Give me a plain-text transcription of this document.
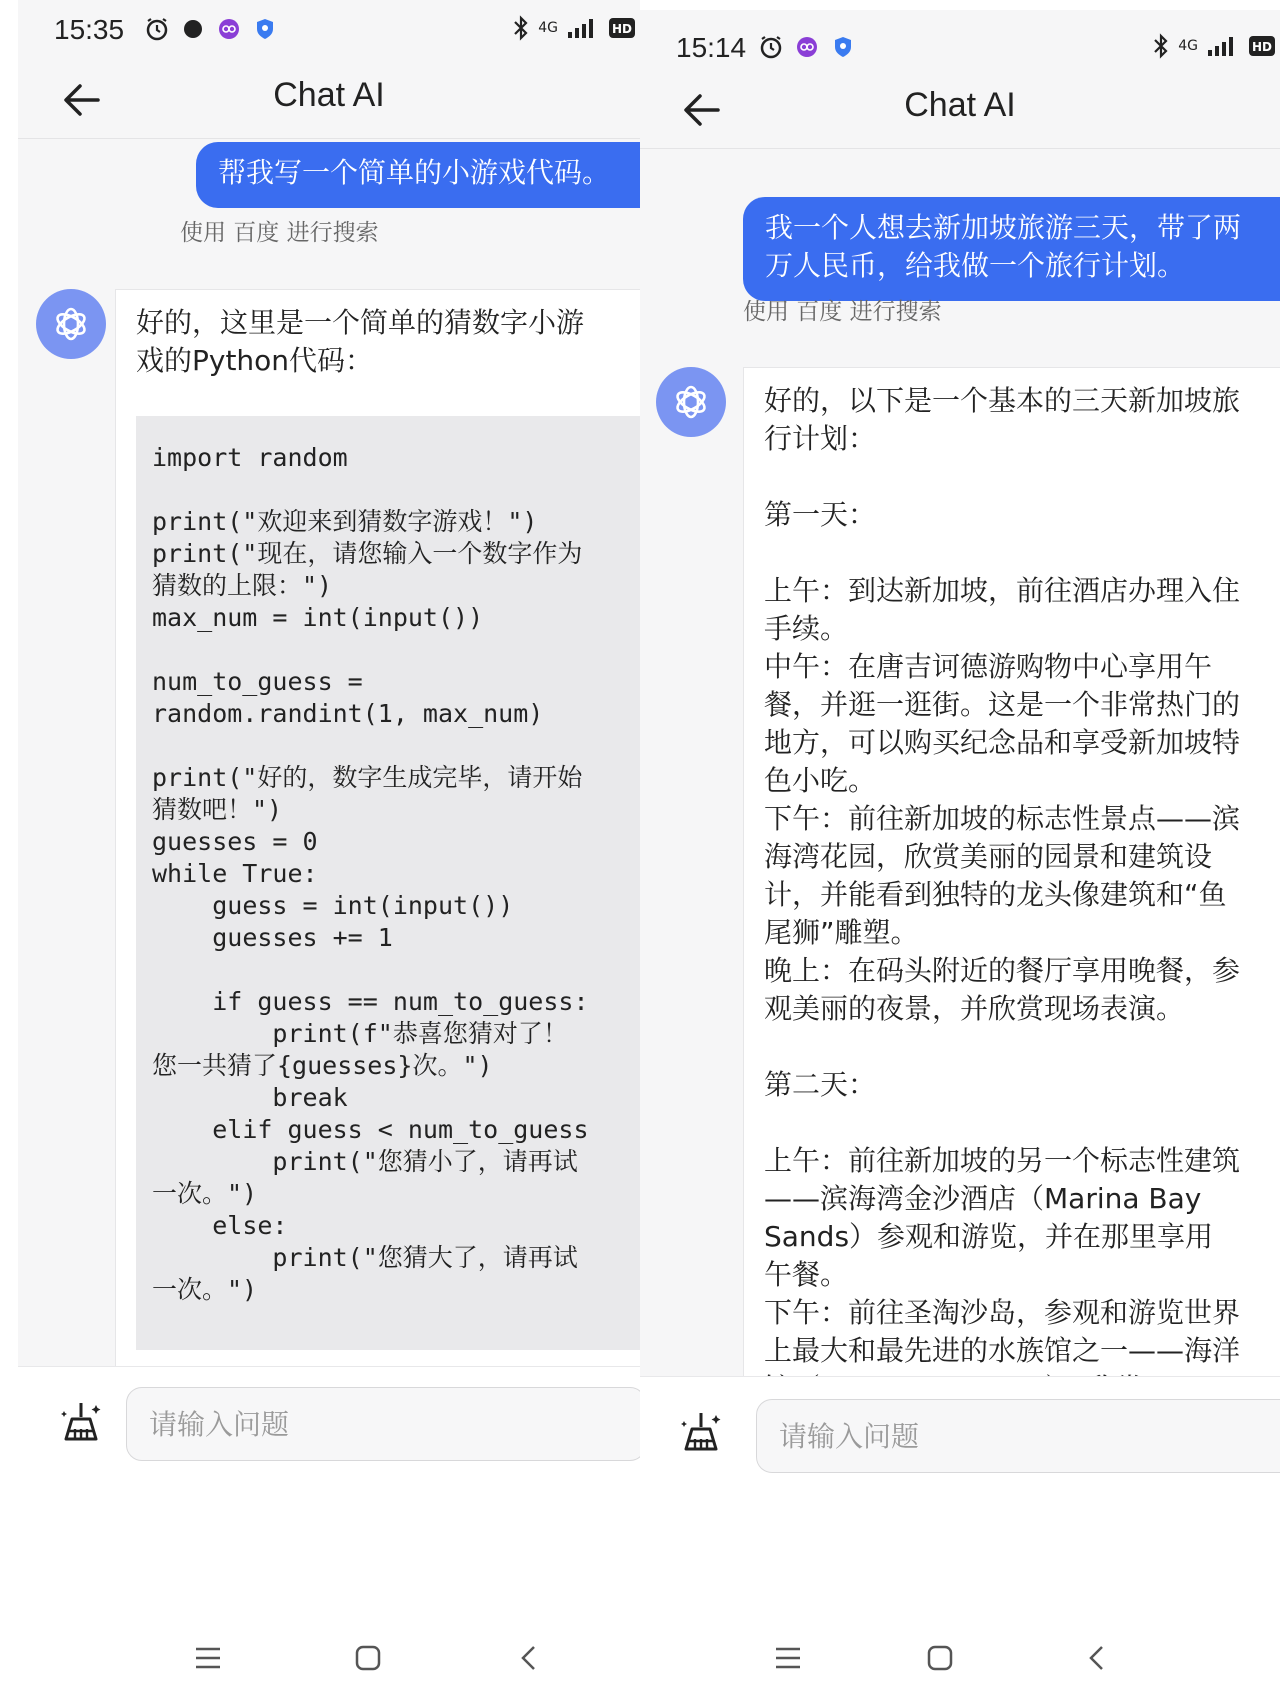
15:35	4G	HD
Chat AI
帮我写一个简单的小游戏代码。
使用 百度 进行搜索

好的，这里是一个简单的猜数字小游戏的Python代码：

import random

print("欢迎来到猜数字游戏！")
print("现在，请您输入一个数字作为猜数的上限：")
max_num = int(input())

num_to_guess =
random.randint(1, max_num)

print("好的，数字生成完毕，请开始猜数吧！")
guesses = 0
while True:
guess = int(input())
guesses += 1

if guess == num_to_guess:
print(f"恭喜您猜对了！您一共猜了{guesses}次。")
break
elif guess < num_to_guess
print("您猜小了，请再试一次。")
else:
print("您猜大了，请再试一次。")
请输入问题
15:14	4G	HD
Chat AI
我一个人想去新加坡旅游三天，带了两万人民币，给我做一个旅行计划。
使用 百度 进行搜索

好的，以下是一个基本的三天新加坡旅行计划：

第一天：

上午：到达新加坡，前往酒店办理入住手续。
中午：在唐吉诃德游购物中心享用午餐，并逛一逛街。这是一个非常热门的地方，可以购买纪念品和享受新加坡特色小吃。
下午：前往新加坡的标志性景点——滨海湾花园，欣赏美丽的园景和建筑设计，并能看到独特的龙头像建筑和“鱼尾狮”雕塑。
晚上：在码头附近的餐厅享用晚餐，参观美丽的夜景，并欣赏现场表演。

第二天：

上午：前往新加坡的另一个标志性建筑——滨海湾金沙酒店（Marina Bay Sands）参观和游览，并在那里享用午餐。
下午：前往圣淘沙岛，参观和游览世界上最大和最先进的水族馆之一——海洋

请输入问题
